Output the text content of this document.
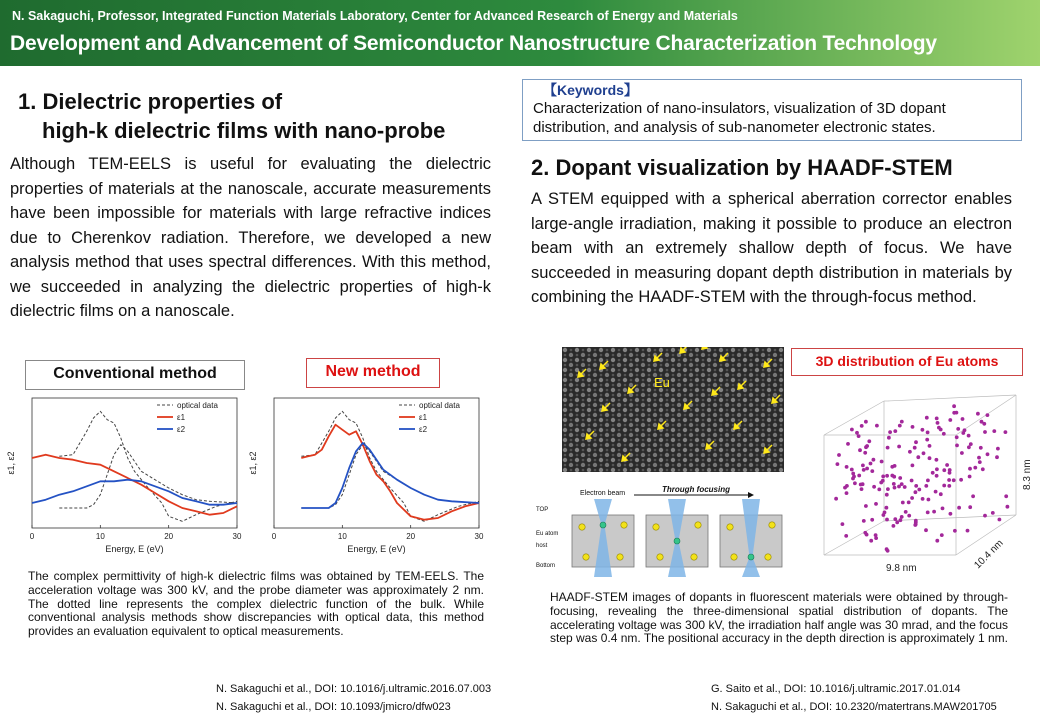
N. Sakaguchi, Professor, Integrated Function Materials Laboratory, Center for Advanced Research of Energy and Materials
Development and Advancement of Semiconductor Nanostructure Characterization Technology
1. Dielectric properties of
high-k dielectric films with nano-probe
Although TEM-EELS is useful for evaluating the dielectric properties of materials at the nanoscale, accurate measurements have been impossible for materials with large refractive indices due to Cherenkov radiation. Therefore, we developed a new analysis method that uses spectral differences. With this method, we succeeded in analyzing the dielectric properties of high-k dielectric films on a nanoscale.
Conventional method	New method
0	10	20	30
Energy, E (eV)
ε1, ε2
optical data
ε1
ε2
0	10	20	30
Energy, E (eV)
ε1, ε2
optical data
ε1
ε2
The complex permittivity of high-k dielectric films was obtained by TEM-EELS. The acceleration voltage was 300 kV, and the probe diameter was approximately 2 nm. The dotted line represents the complex dielectric function of the bulk. While conventional analysis methods show discrepancies with optical data, this method provides an evaluation equivalent to optical measurements.
N. Sakaguchi et al., DOI: 10.1016/j.ultramic.2016.07.003
N. Sakaguchi et al., DOI: 10.1093/jmicro/dfw023
【Keywords】
Characterization of nano-insulators, visualization of 3D dopant distribution, and analysis of sub-nanometer electronic states.
2. Dopant visualization by HAADF-STEM
A STEM equipped with a spherical aberration corrector enables large-angle irradiation, making it possible to produce an electron beam with an extremely shallow depth of focus. We have succeeded in measuring dopant depth distribution in materials by combining the HAADF-STEM with the through-focus method.
Eu
Electron beam	Through focusing
TOP
Eu atom
host
Bottom
3D distribution of Eu atoms
9.8 nm	10.4 nm
8.3 nm
HAADF-STEM images of dopants in fluorescent materials were obtained by through-focusing, revealing the three-dimensional spatial distribution of dopants. The accelerating voltage was 300 kV, the irradiation half angle was 30 mrad, and the focus step was 0.4 nm. The positional accuracy in the depth direction is approximately 1 nm.
G. Saito et al., DOI: 10.1016/j.ultramic.2017.01.014
N. Sakaguchi et al., DOI: 10.2320/matertrans.MAW201705
